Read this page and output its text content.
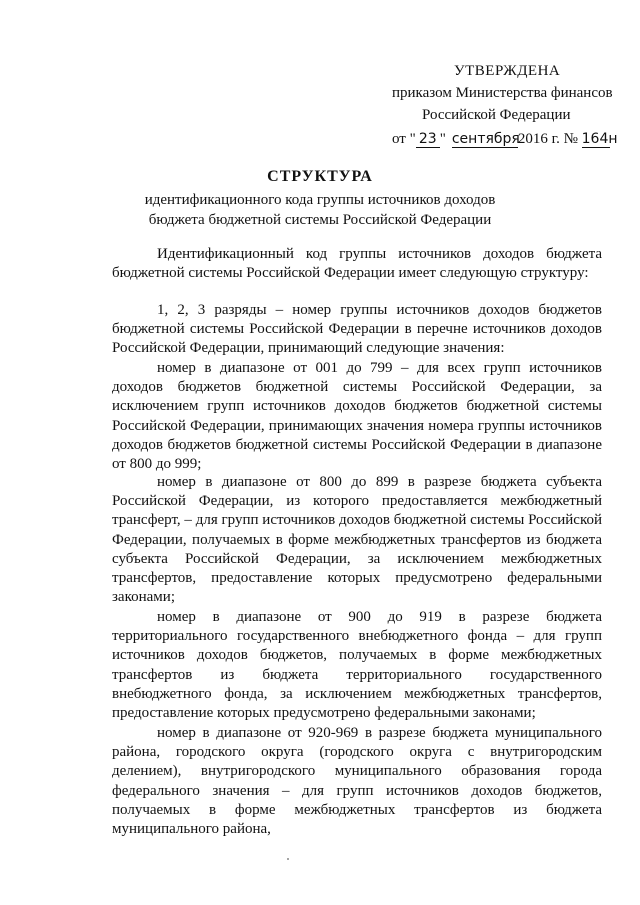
УТВЕРЖДЕНА
приказом Министерства финансов
Российской Федерации
от " 23 " сентября2016 г. № 164н
СТРУКТУРА
идентификационного кода группы источников доходов
бюджета бюджетной системы Российской Федерации

Идентификационный код группы источников доходов бюджета бюджетной системы Российской Федерации имеет следующую структуру:

1, 2, 3 разряды – номер группы источников доходов бюджетов бюджетной системы Российской Федерации в перечне источников доходов Российской Федерации, принимающий следующие значения:

номер в диапазоне от 001 до 799 – для всех групп источников доходов бюджетов бюджетной системы Российской Федерации, за исключением групп источников доходов бюджетов бюджетной системы Российской Федерации, принимающих значения номера группы источников доходов бюджетов бюджетной системы Российской Федерации в диапазоне от 800 до 999;

номер в диапазоне от 800 до 899 в разрезе бюджета субъекта Российской Федерации, из которого предоставляется межбюджетный трансферт, – для групп источников доходов бюджетной системы Российской Федерации, получаемых в форме межбюджетных трансфертов из бюджета субъекта Российской Федерации, за исключением межбюджетных трансфертов, предоставление которых предусмотрено федеральными законами;

номер в диапазоне от 900 до 919 в разрезе бюджета территориального государственного внебюджетного фонда – для групп источников доходов бюджетов, получаемых в форме межбюджетных трансфертов из бюджета территориального государственного внебюджетного фонда, за исключением межбюджетных трансфертов, предоставление которых предусмотрено федеральными законами;

номер в диапазоне от 920-969 в разрезе бюджета муниципального района, городского округа (городского округа с внутригородским делением), внутригородского муниципального образования города федерального значения – для групп источников доходов бюджетов, получаемых в форме межбюджетных трансфертов из бюджета муниципального района,
